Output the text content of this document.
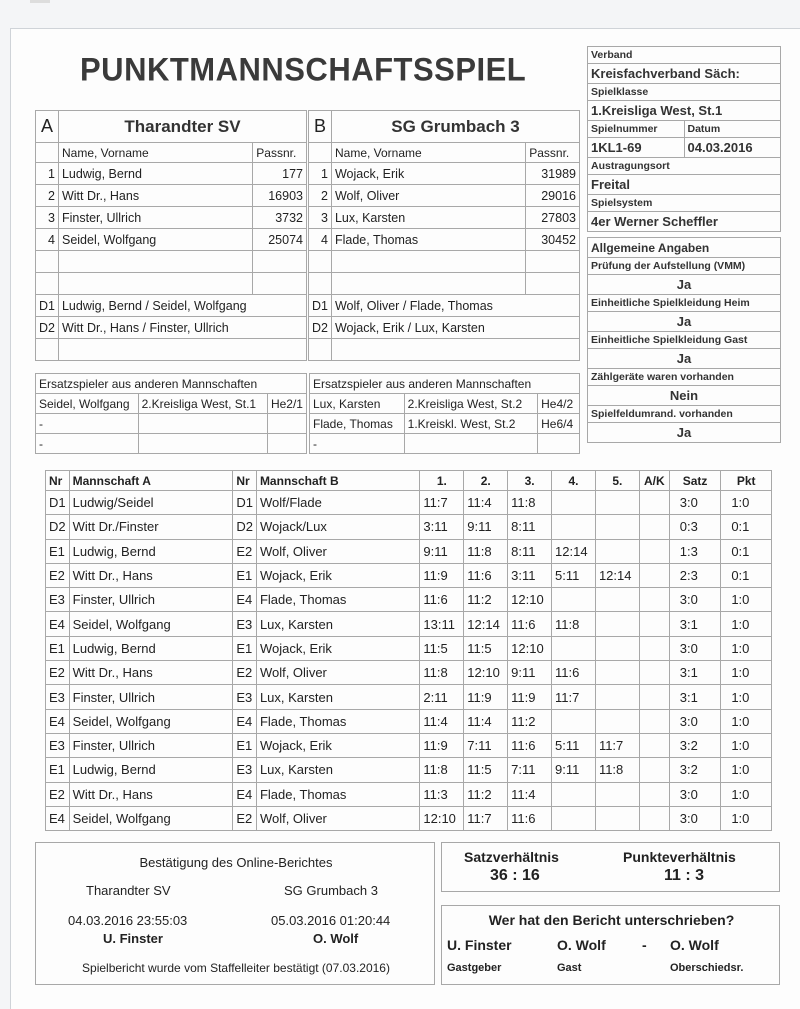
PUNKTMANNSCHAFTSSPIEL
A	Tharandter SV	
	Name, Vorname	Passnr.
1	Ludwig, Bernd	177
2	Witt Dr., Hans	16903
3	Finster, Ullrich	3732
4	Seidel, Wolfgang	25074

D1	Ludwig, Bernd / Seidel, Wolfgang	
D2	Witt Dr., Hans / Finster, Ullrich	

B	SG Grumbach 3	
	Name, Vorname	Passnr.
1	Wojack, Erik	31989
2	Wolf, Oliver	29016
3	Lux, Karsten	27803
4	Flade, Thomas	30452

D1	Wolf, Oliver / Flade, Thomas	
D2	Wojack, Erik / Lux, Karsten	

Verband	
Kreisfachverband Säch:	
Spielklasse	
1.Kreisliga West, St.1	
Spielnummer	Datum
1KL1-69	04.03.2016
Austragungsort	
Freital	
Spielsystem	
4er Werner Scheffler	

Allgemeine Angaben	
Prüfung der Aufstellung (VMM)	
Ja	
Einheitliche Spielkleidung Heim	
Ja	
Einheitliche Spielkleidung Gast	
Ja	
Zählgeräte waren vorhanden	
Nein	
Spielfeldumrand. vorhanden	
Ja	
Ersatzspieler aus anderen Mannschaften		
Seidel, Wolfgang	2.Kreisliga West, St.1	He2/1
-		
-		
Ersatzspieler aus anderen Mannschaften		
Lux, Karsten	2.Kreisliga West, St.2	He4/2
Flade, Thomas	1.Kreiskl. West, St.2	He6/4
-		
Nr	Mannschaft A	Nr	Mannschaft B	1.	2.	3.	4.	5.	A/K	Satz	Pkt
D1	Ludwig/Seidel	D1	Wolf/Flade	11:7	11:4	11:8				3:0	1:0
D2	Witt Dr./Finster	D2	Wojack/Lux	3:11	9:11	8:11				0:3	0:1
E1	Ludwig, Bernd	E2	Wolf, Oliver	9:11	11:8	8:11	12:14			1:3	0:1
E2	Witt Dr., Hans	E1	Wojack, Erik	11:9	11:6	3:11	5:11	12:14		2:3	0:1
E3	Finster, Ullrich	E4	Flade, Thomas	11:6	11:2	12:10				3:0	1:0
E4	Seidel, Wolfgang	E3	Lux, Karsten	13:11	12:14	11:6	11:8			3:1	1:0
E1	Ludwig, Bernd	E1	Wojack, Erik	11:5	11:5	12:10				3:0	1:0
E2	Witt Dr., Hans	E2	Wolf, Oliver	11:8	12:10	9:11	11:6			3:1	1:0
E3	Finster, Ullrich	E3	Lux, Karsten	2:11	11:9	11:9	11:7			3:1	1:0
E4	Seidel, Wolfgang	E4	Flade, Thomas	11:4	11:4	11:2				3:0	1:0
E3	Finster, Ullrich	E1	Wojack, Erik	11:9	7:11	11:6	5:11	11:7		3:2	1:0
E1	Ludwig, Bernd	E3	Lux, Karsten	11:8	11:5	7:11	9:11	11:8		3:2	1:0
E2	Witt Dr., Hans	E4	Flade, Thomas	11:3	11:2	11:4				3:0	1:0
E4	Seidel, Wolfgang	E2	Wolf, Oliver	12:10	11:7	11:6				3:0	1:0
Bestätigung des Online-Berichtes
Tharandter SV	SG Grumbach 3
04.03.2016 23:55:03	05.03.2016 01:20:44
U. Finster	O. Wolf
Spielbericht wurde vom Staffelleiter bestätigt (07.03.2016)
Satzverhältnis
36 : 16
Punkteverhältnis
11 : 3
Wer hat den Bericht unterschrieben?
U. Finster	O. Wolf	- O. Wolf
Gastgeber	Gast	Oberschiedsr.
